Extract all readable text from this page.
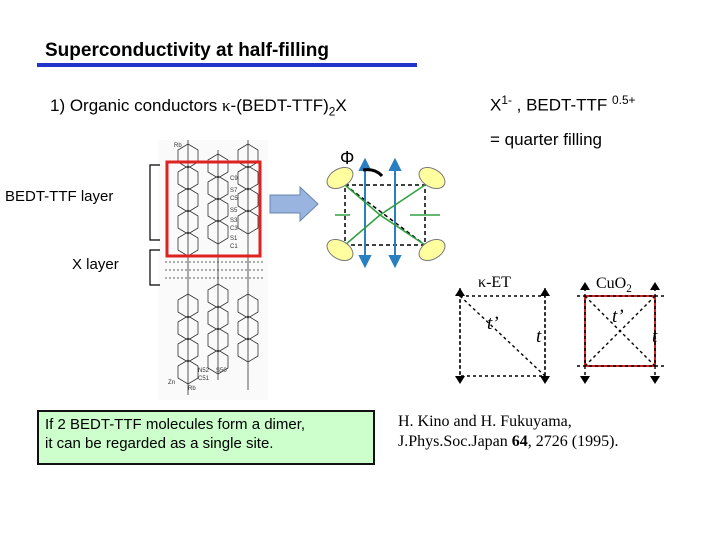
Superconductivity at half-filling
1) Organic conductors $\kappa-(BEDT-TTF)_2X$	$X^{1-}$ , BEDT-TTF $^{0.5+}$
= quarter filling
Rb
C9
S7
C5
S5
S3
C3
S1
C1
N52 S50
C51
Rb
Zn
Φ
BEDT-TTF layer
X layer
κ-ET
t’
t
CuO$_2$
t’
t
If 2 BEDT-TTF molecules form a dimer,
it can be regarded as a single site.
H. Kino and H. Fukuyama,
J.Phys.Soc.Japan 64, 2726 (1995).
